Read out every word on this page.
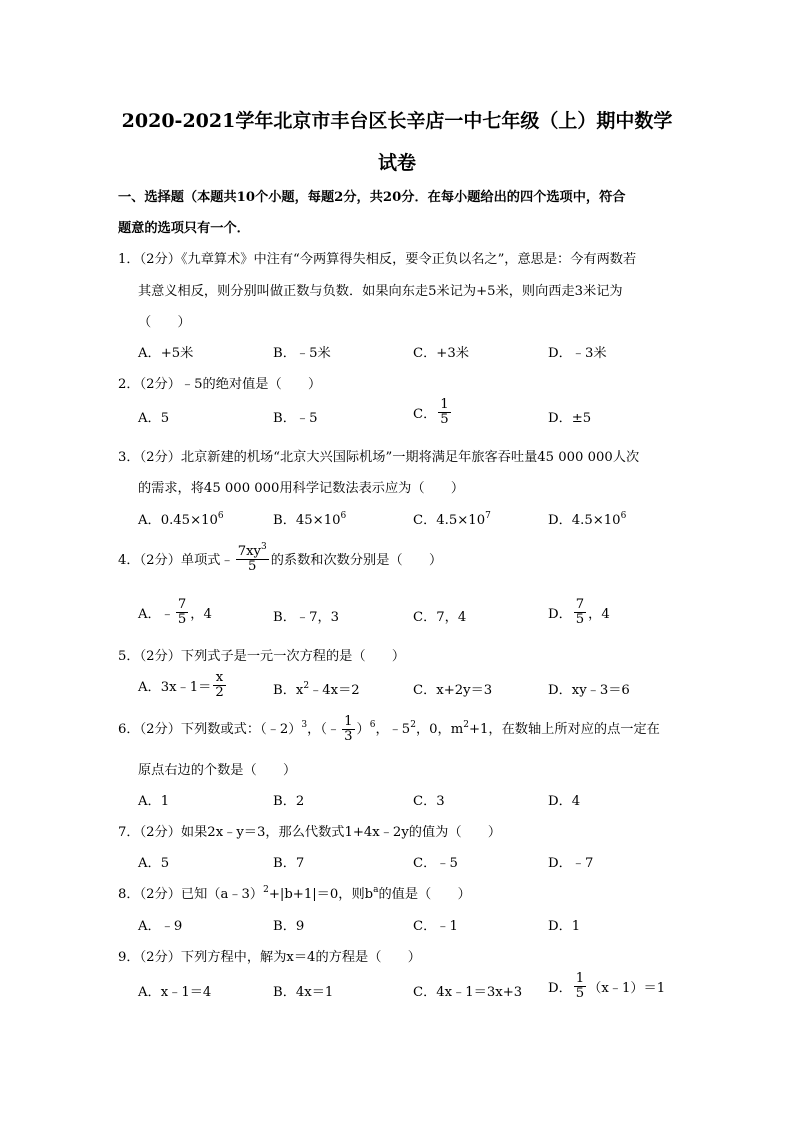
2020-2021学年北京市丰台区长辛店一中七年级（上）期中数学
试卷
一、选择题（本题共10个小题，每题2分，共20分．在每小题给出的四个选项中，符合
题意的选项只有一个．
1．（2分）《九章算术》中注有“今两算得失相反，要令正负以名之”，意思是：今有两数若
其意义相反，则分别叫做正数与负数．如果向东走5米记为+5米，则向西走3米记为
（　　）
A．+5米	B．﹣5米	C．+3米	D．﹣3米
2．（2分）﹣5的绝对值是（　　）
A．5	B．﹣5	C． $\frac{1}{5}$	D．±5
3．（2分）北京新建的机场“北京大兴国际机场”一期将满足年旅客吞吐量45 000 000人次
的需求，将45 000 000用科学记数法表示应为（　　）
A．$0.45\times 10^6$	B．$45\times 10^6$	C．$4.5\times 10^7$	D．$4.5\times 10^6$
4．（2分）单项式﹣ $\frac{7xy^3}{5}$ 的系数和次数分别是（　　）
A．﹣ $\frac{7}{5}$ ，4	B．﹣7，3	C．7，4	D． $\frac{7}{5}$ ，4
5．（2分）下列式子是一元一次方程的是（　　）
A．3x﹣1＝ $\frac{x}{2}$	B．$x^2﹣4x=2$	C．x+2y＝3	D．xy﹣3＝6
6．（2分）下列数或式：（﹣2）$^3$，（﹣ $\frac{1}{3} )^6$，$﹣5^2$，0，$m^2+1$，在数轴上所对应的点一定在
原点右边的个数是（　　）
A．1	B．2	C．3	D．4
7．（2分）如果2x﹣y＝3，那么代数式1+4x﹣2y的值为（　　）
A．5	B．7	C．﹣5	D．﹣7
8．（2分）已知（a﹣3）$^2$+|b+1|＝0，则$b^a$的值是（　　）
A．﹣9	B．9	C．﹣1	D．1
9．（2分）下列方程中，解为x＝4的方程是（　　）
A．x﹣1＝4	B．4x＝1	C．4x﹣1＝3x+3 D． $\frac{1}{5}$ （x﹣1）＝1
